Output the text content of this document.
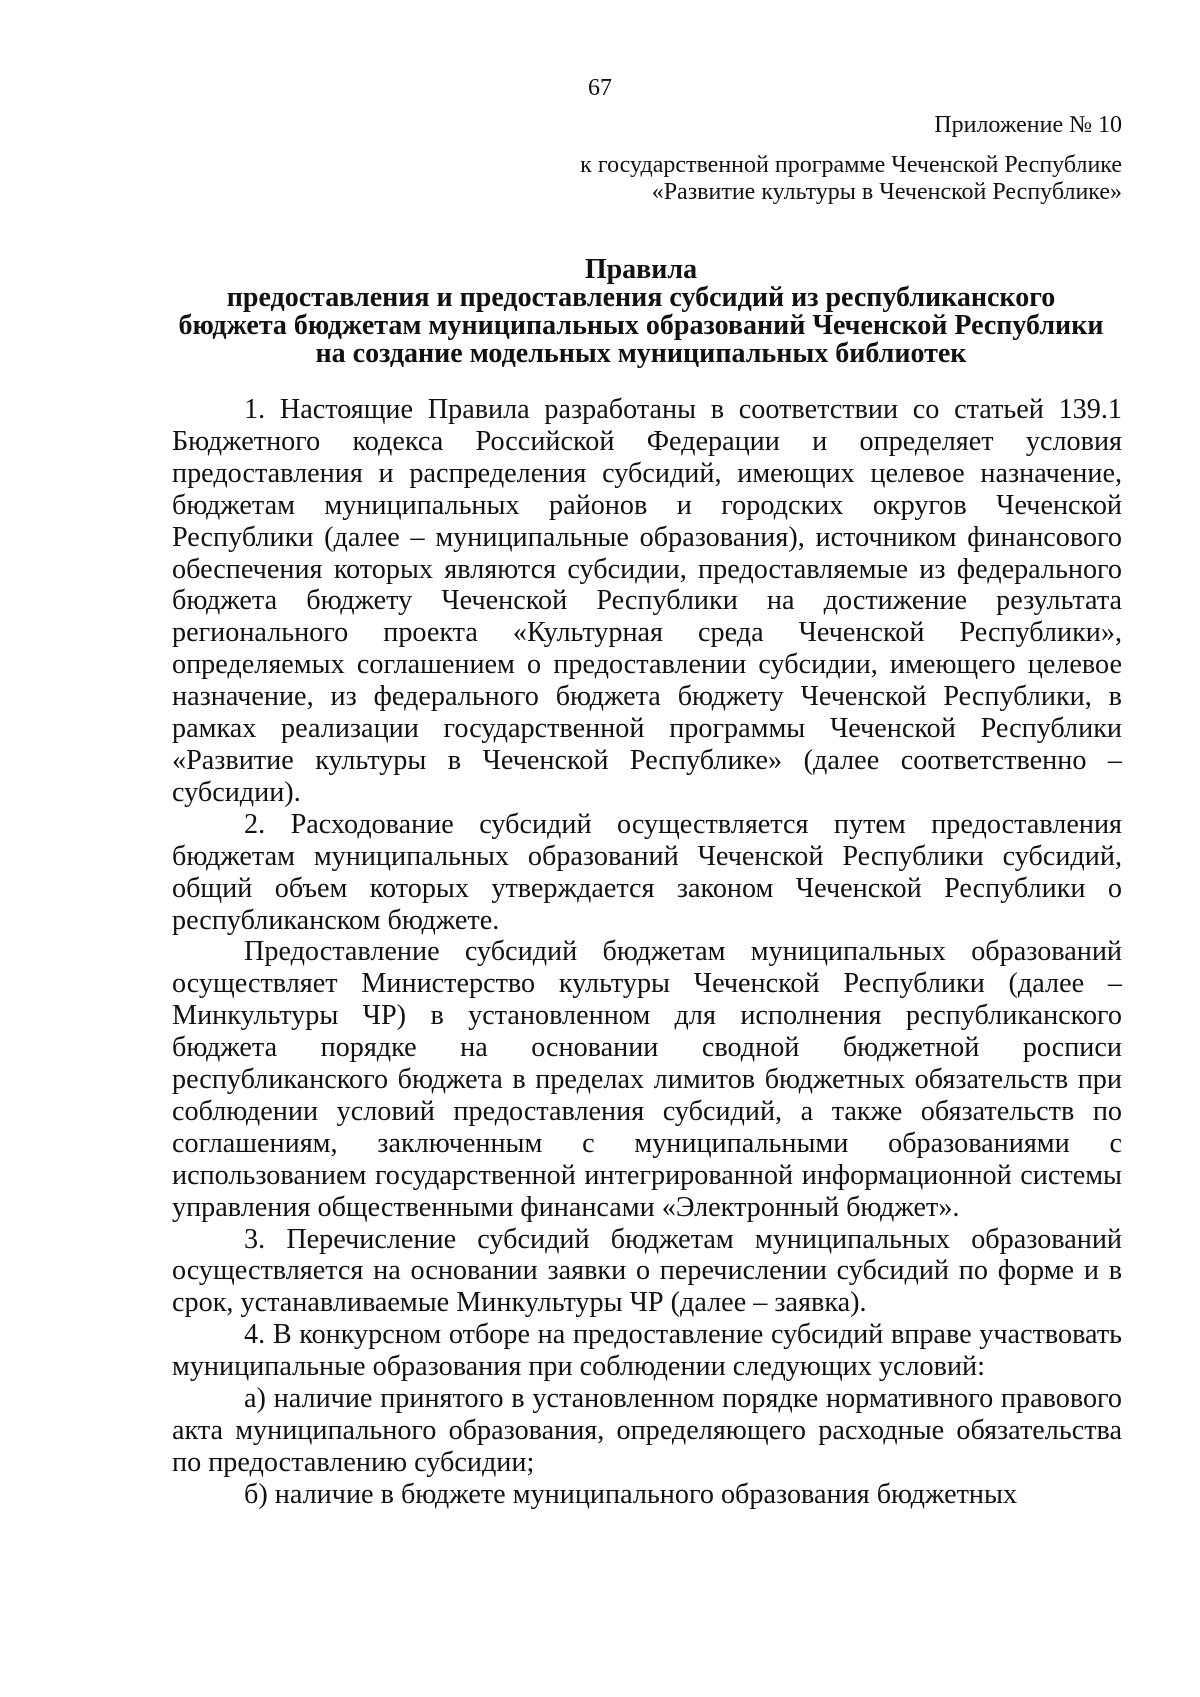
67
Приложение № 10
к государственной программе Чеченской Республике
«Развитие культуры в Чеченской Республике»
Правила
предоставления и предоставления субсидий из республиканского
бюджета бюджетам муниципальных образований Чеченской Республики
на создание модельных муниципальных библиотек

1. Настоящие Правила разработаны в соответствии со статьей 139.1 Бюджетного кодекса Российской Федерации и определяет условия предоставления и распределения субсидий, имеющих целевое назначение, бюджетам муниципальных районов и городских округов Чеченской Республики (далее – муниципальные образования), источником финансового обеспечения которых являются субсидии, предоставляемые из федерального бюджета бюджету Чеченской Республики на достижение результата регионального проекта «Культурная среда Чеченской Республики», определяемых соглашением о предоставлении субсидии, имеющего целевое назначение, из федерального бюджета бюджету Чеченской Республики, в рамках реализации государственной программы Чеченской Республики «Развитие культуры в Чеченской Республике» (далее соответственно – субсидии).

2. Расходование субсидий осуществляется путем предоставления бюджетам муниципальных образований Чеченской Республики субсидий, общий объем которых утверждается законом Чеченской Республики о республиканском бюджете.

Предоставление субсидий бюджетам муниципальных образований осуществляет Министерство культуры Чеченской Республики (далее – Минкультуры ЧР) в установленном для исполнения республиканского бюджета порядке на основании сводной бюджетной росписи республиканского бюджета в пределах лимитов бюджетных обязательств при соблюдении условий предоставления субсидий, а также обязательств по соглашениям, заключенным с муниципальными образованиями с использованием государственной интегрированной информационной системы управления общественными финансами «Электронный бюджет».

3. Перечисление субсидий бюджетам муниципальных образований осуществляется на основании заявки о перечислении субсидий по форме и в срок, устанавливаемые Минкультуры ЧР (далее – заявка).

4. В конкурсном отборе на предоставление субсидий вправе участвовать муниципальные образования при соблюдении следующих условий:

а) наличие принятого в установленном порядке нормативного правового акта муниципального образования, определяющего расходные обязательства по предоставлению субсидии;

б) наличие в бюджете муниципального образования бюджетных
